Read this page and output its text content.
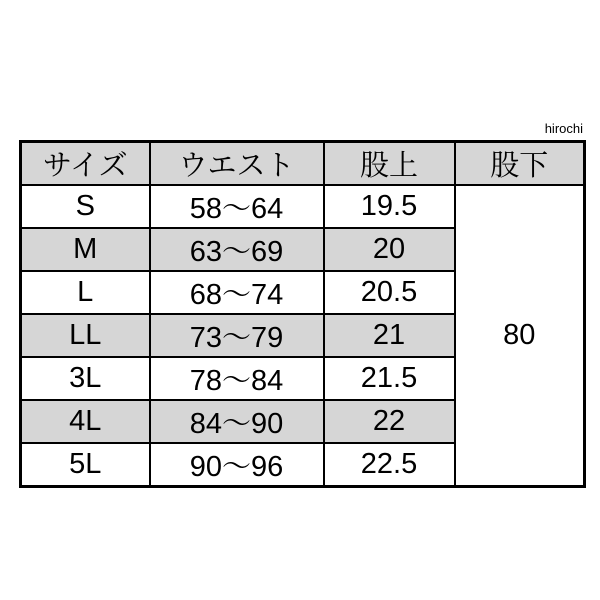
hirochi
サイズ	ウエスト	股上	股下
S	58〜64	19.5	80
M	63〜69	20	
L	68〜74	20.5	
LL	73〜79	21	
3L	78〜84	21.5	
4L	84〜90	22	
5L	90〜96	22.5	
